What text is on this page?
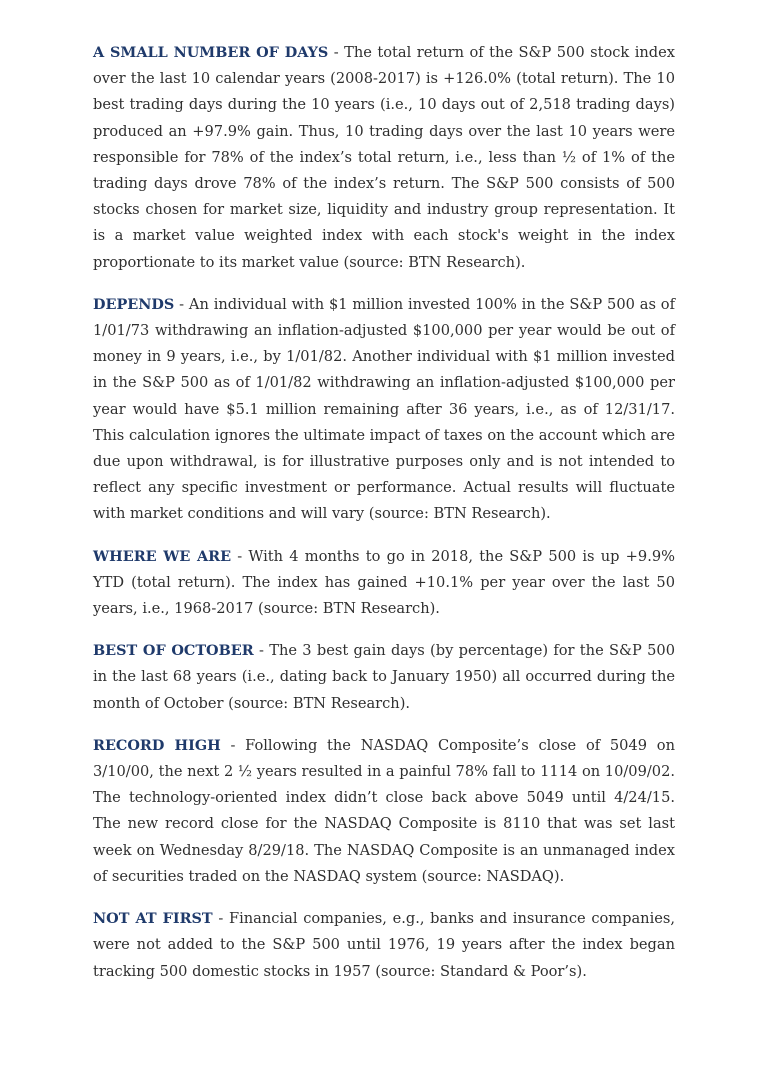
A SMALL NUMBER OF DAYS - The total return of the S&P 500 stock index over the last 10 calendar years (2008-2017) is +126.0% (total return). The 10 best trading days during the 10 years (i.e., 10 days out of 2,518 trading days) produced an +97.9% gain. Thus, 10 trading days over the last 10 years were responsible for 78% of the index’s total return, i.e., less than ½ of 1% of the trading days drove 78% of the index’s return. The S&P 500 consists of 500 stocks chosen for market size, liquidity and industry group representation. It is a market value weighted index with each stock's weight in the index proportionate to its market value (source: BTN Research).

DEPENDS - An individual with $1 million invested 100% in the S&P 500 as of 1/01/73 withdrawing an inflation-adjusted $100,000 per year would be out of money in 9 years, i.e., by 1/01/82. Another individual with $1 million invested in the S&P 500 as of 1/01/82 withdrawing an inflation-adjusted $100,000 per year would have $5.1 million remaining after 36 years, i.e., as of 12/31/17. This calculation ignores the ultimate impact of taxes on the account which are due upon withdrawal, is for illustrative purposes only and is not intended to reflect any specific investment or performance. Actual results will fluctuate with market conditions and will vary (source: BTN Research).

WHERE WE ARE - With 4 months to go in 2018, the S&P 500 is up +9.9% YTD (total return). The index has gained +10.1% per year over the last 50 years, i.e., 1968-2017 (source: BTN Research).

BEST OF OCTOBER - The 3 best gain days (by percentage) for the S&P 500 in the last 68 years (i.e., dating back to January 1950) all occurred during the month of October (source: BTN Research).

RECORD HIGH - Following the NASDAQ Composite’s close of 5049 on 3/10/00, the next 2 ½ years resulted in a painful 78% fall to 1114 on 10/09/02. The technology-oriented index didn’t close back above 5049 until 4/24/15. The new record close for the NASDAQ Composite is 8110 that was set last week on Wednesday 8/29/18. The NASDAQ Composite is an unmanaged index of securities traded on the NASDAQ system (source: NASDAQ).

NOT AT FIRST - Financial companies, e.g., banks and insurance companies, were not added to the S&P 500 until 1976, 19 years after the index began tracking 500 domestic stocks in 1957 (source: Standard & Poor’s).
